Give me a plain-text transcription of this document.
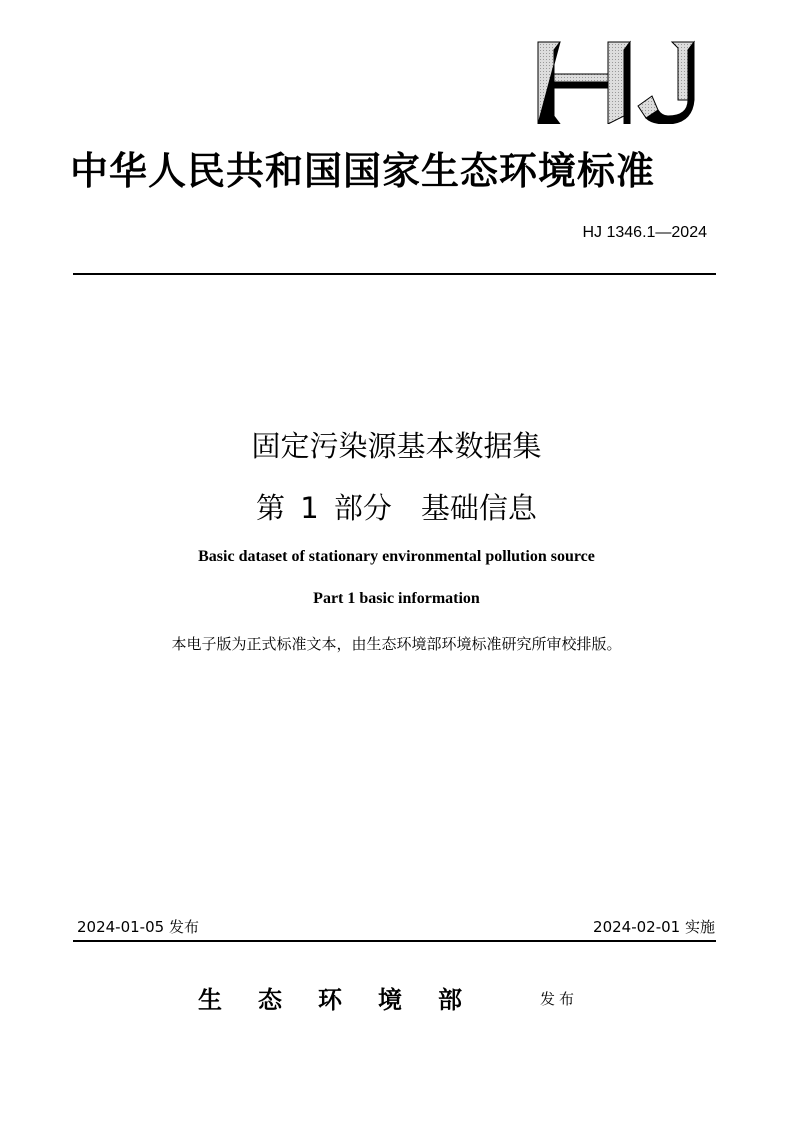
中华人民共和国国家生态环境标准
HJ 1346.1—2024
固定污染源基本数据集
第 1 部分　基础信息
Basic dataset of stationary environmental pollution source
Part 1 basic information
本电子版为正式标准文本，由生态环境部环境标准研究所审校排版。
2024-01-05 发布	2024-02-01 实施
生态环境部	发布
